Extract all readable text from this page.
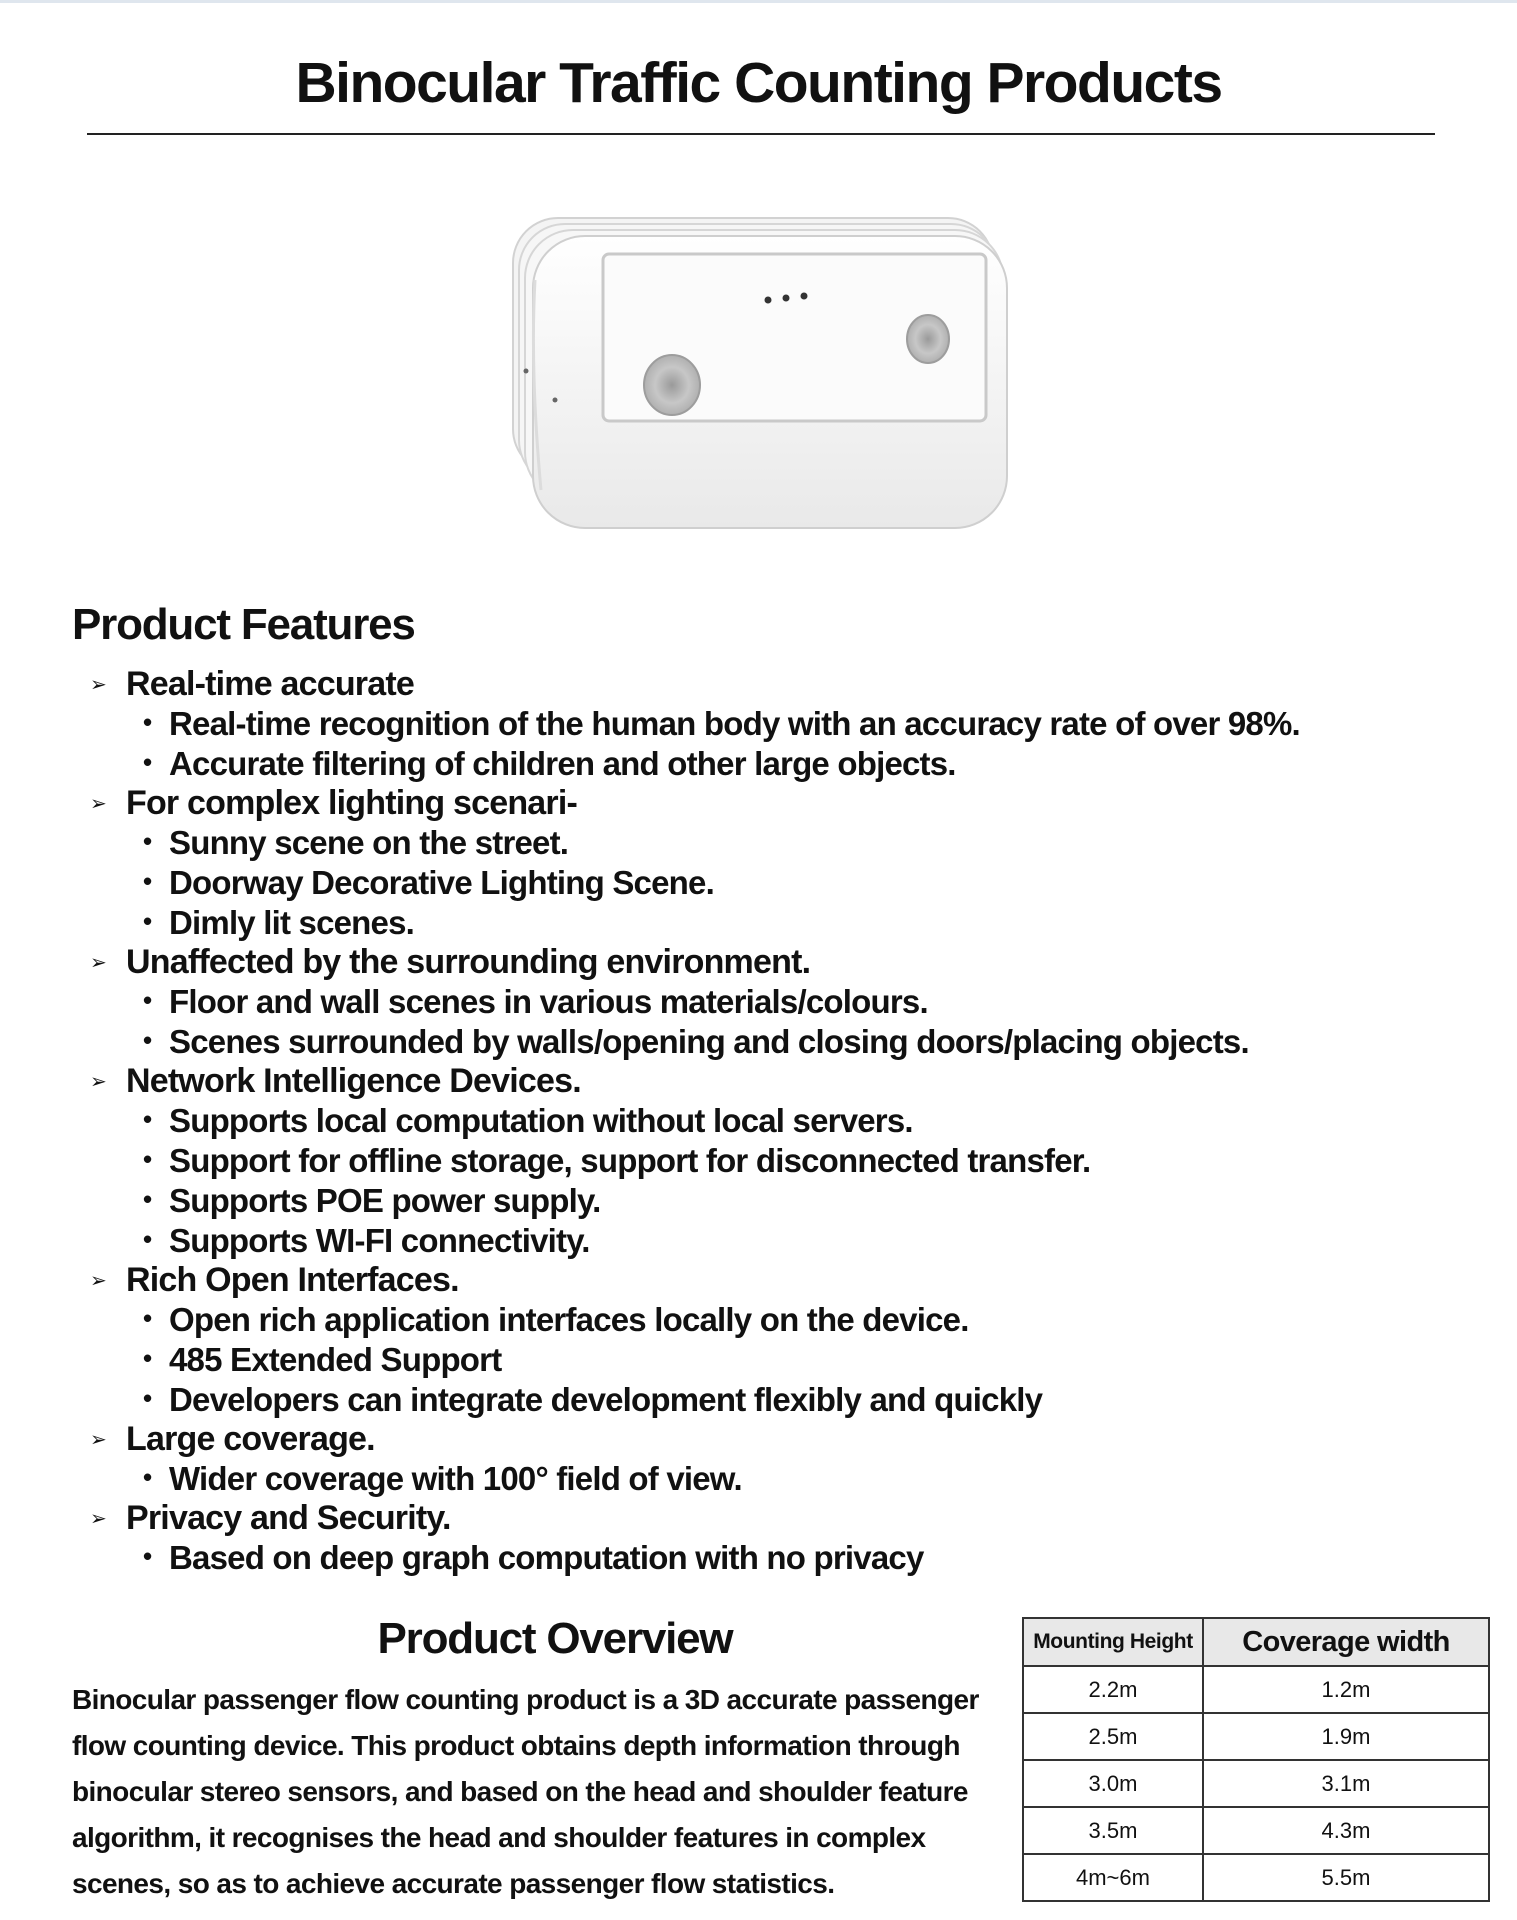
Binocular Traffic Counting Products
Product Features
➢ Real-time accurate
• Real-time recognition of the human body with an accuracy rate of over 98%.
• Accurate filtering of children and other large objects.
➢ For complex lighting scenari-
• Sunny scene on the street.
• Doorway Decorative Lighting Scene.
• Dimly lit scenes.
➢ Unaffected by the surrounding environment.
• Floor and wall scenes in various materials/colours.
• Scenes surrounded by walls/opening and closing doors/placing objects.
➢ Network Intelligence Devices.
• Supports local computation without local servers.
• Support for offline storage, support for disconnected transfer.
• Supports POE power supply.
• Supports WI-FI connectivity.
➢ Rich Open Interfaces.
• Open rich application interfaces locally on the device.
• 485 Extended Support
• Developers can integrate development flexibly and quickly
➢ Large coverage.
• Wider coverage with 100° field of view.
➢ Privacy and Security.
• Based on deep graph computation with no privacy
Product Overview

Binocular passenger flow counting product is a 3D accurate passenger flow counting device. This product obtains depth information through binocular stereo sensors, and based on the head and shoulder feature algorithm, it recognises the head and shoulder features in complex scenes, so as to achieve accurate passenger flow statistics.

Mounting Height	Coverage width
2.2m	1.2m
2.5m	1.9m
3.0m	3.1m
3.5m	4.3m
4m~6m	5.5m
